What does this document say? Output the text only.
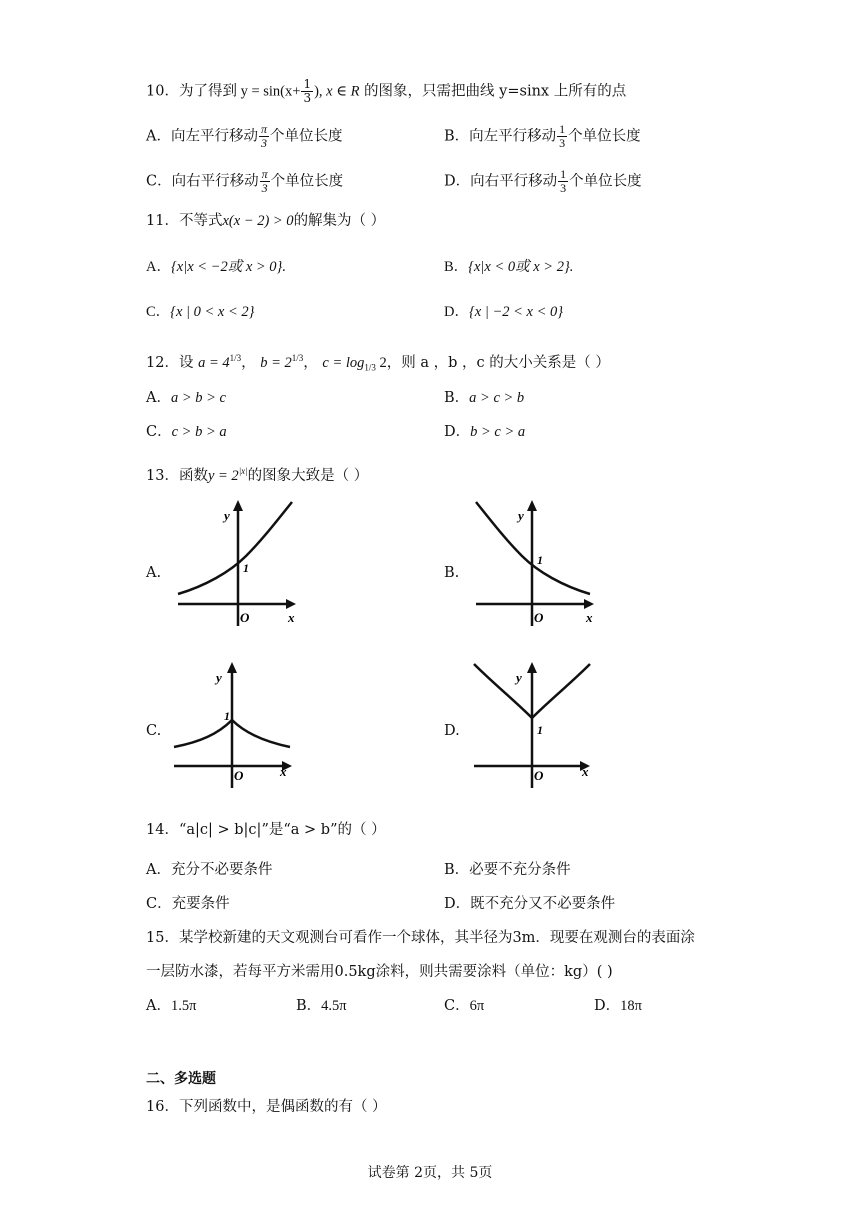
10．为了得到 $y = \sin(x+ \frac{1}{3}$ ), x ∈ R 的图象，只需把曲线 y=sinx 上所有的点
A．向左平行移动 $\frac{\pi}{3}$ 个单位长度	B．向左平行移动 $\frac{1}{3}$ 个单位长度
C．向右平行移动 $\frac{\pi}{3}$ 个单位长度	D．向右平行移动 $\frac{1}{3}$ 个单位长度
11．不等式x(x − 2) > 0的解集为（ ）
A．{x|x < −2或 x > 0}.	B．{x|x < 0或 x > 2}.
C．{x | 0 < x < 2}	D．{x | −2 < x < 0}
12．设 $a = 4^{1/3}$， $b = 2^{1/3}$， $c = \log_{1/3} 2$，则 a ，b ，c 的大小关系是（ ）
A．a > b > c	B．a > c > b
C．c > b > a	D．b > c > a
13．函数$y = 2^{|x|}$的图象大致是（ ）
A.	B.
C.	D.
y
x
O
1
y
x
O
1
y
x
O
1
y
x
O
1
14．“a|c| > b|c|”是“a > b”的（ ）
A．充分不必要条件	B．必要不充分条件
C．充要条件	D．既不充分又不必要条件
15．某学校新建的天文观测台可看作一个球体，其半径为3m．现要在观测台的表面涂
一层防水漆，若每平方米需用0.5kg涂料，则共需要涂料（单位：kg）( )
A．1.5π	B．4.5π	C．6π	D．18π
二、多选题
16．下列函数中，是偶函数的有（ ）
试卷第 2页，共 5页
